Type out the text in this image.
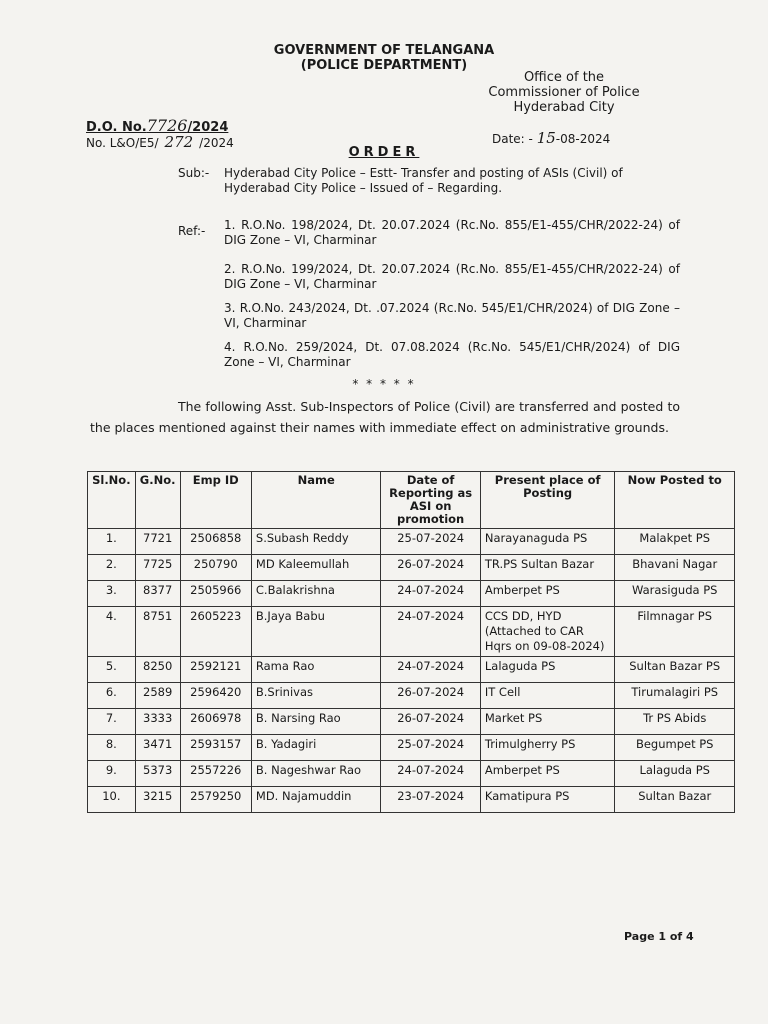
GOVERNMENT OF TELANGANA
(POLICE DEPARTMENT)
Office of the
Commissioner of Police
Hyderabad City
D.O. No.7726/2024
No. L&O/E5/ 272 /2024	Date: - 15-08-2024
ORDER
Sub:- Hyderabad City Police – Estt- Transfer and posting of ASIs (Civil) of Hyderabad City Police – Issued of – Regarding.
Ref:- 1. R.O.No. 198/2024, Dt. 20.07.2024 (Rc.No. 855/E1-455/CHR/2022-24) of DIG Zone – VI, Charminar
2. R.O.No. 199/2024, Dt. 20.07.2024 (Rc.No. 855/E1-455/CHR/2022-24) of DIG Zone – VI, Charminar
3. R.O.No. 243/2024, Dt. .07.2024 (Rc.No. 545/E1/CHR/2024) of DIG Zone – VI, Charminar
4. R.O.No. 259/2024, Dt. 07.08.2024 (Rc.No. 545/E1/CHR/2024) of DIG Zone – VI, Charminar
* * * * *
The following Asst. Sub-Inspectors of Police (Civil) are transferred and posted to the places mentioned against their names with immediate effect on administrative grounds.
Sl.No.	G.No.	Emp ID	Name	Date of Reporting as ASI on promotion	Present place of Posting	Now Posted to
1.	7721	2506858	S.Subash Reddy	25-07-2024	Narayanaguda PS	Malakpet PS
2.	7725	250790	MD Kaleemullah	26-07-2024	TR.PS Sultan Bazar	Bhavani Nagar
3.	8377	2505966	C.Balakrishna	24-07-2024	Amberpet PS	Warasiguda PS
4.	8751	2605223	B.Jaya Babu	24-07-2024	CCS DD, HYD (Attached to CAR Hqrs on 09-08-2024)	Filmnagar PS
5.	8250	2592121	Rama Rao	24-07-2024	Lalaguda PS	Sultan Bazar PS
6.	2589	2596420	B.Srinivas	26-07-2024	IT Cell	Tirumalagiri PS
7.	3333	2606978	B. Narsing Rao	26-07-2024	Market PS	Tr PS Abids
8.	3471	2593157	B. Yadagiri	25-07-2024	Trimulgherry PS	Begumpet PS
9.	5373	2557226	B. Nageshwar Rao	24-07-2024	Amberpet PS	Lalaguda PS
10.	3215	2579250	MD. Najamuddin	23-07-2024	Kamatipura PS	Sultan Bazar
Page 1 of 4
